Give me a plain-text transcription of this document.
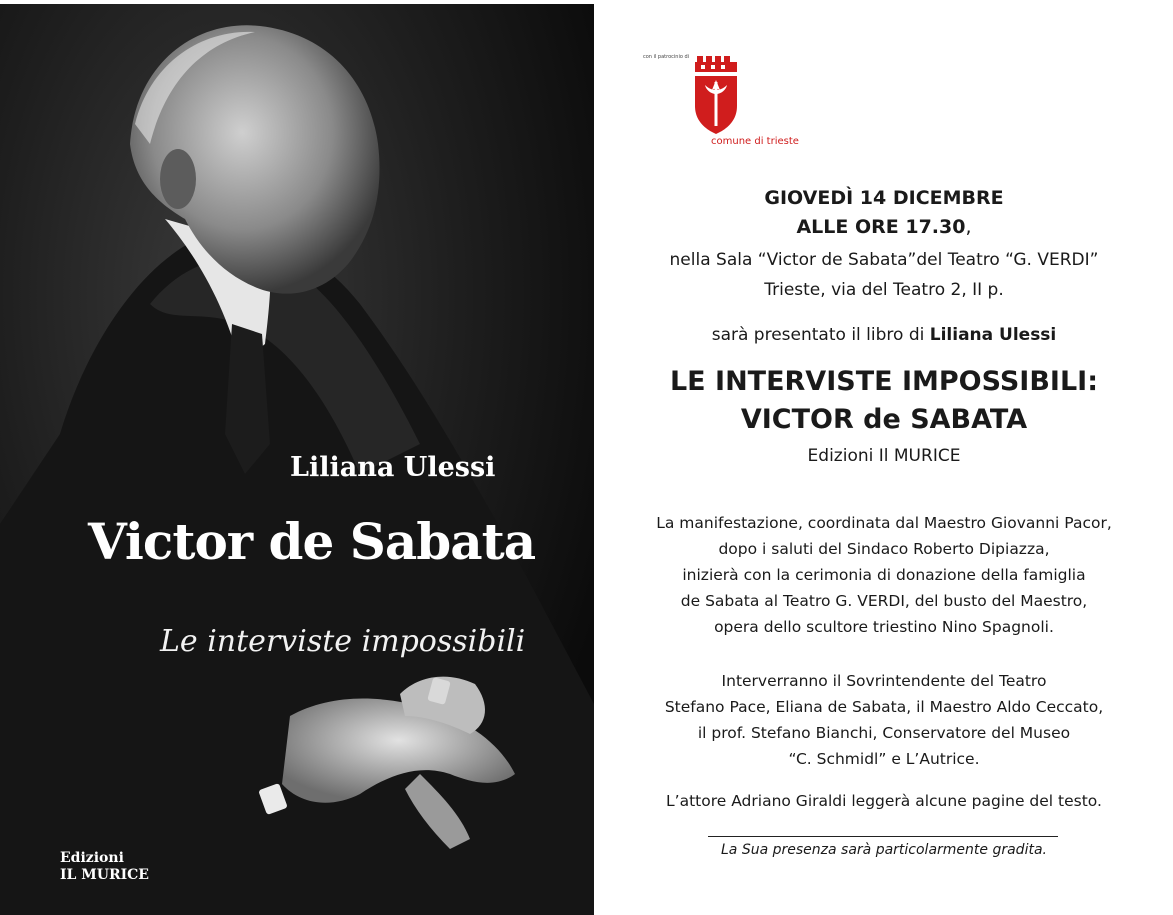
Liliana Ulessi
Victor de Sabata
Le interviste impossibili
Edizioni
IL MURICE
con il patrocinio di
comune di trieste
GIOVEDÌ 14 DICEMBRE
ALLE ORE 17.30,
nella Sala “Victor de Sabata”del Teatro “G. VERDI”
Trieste, via del Teatro 2, II p.
sarà presentato il libro di Liliana Ulessi
LE INTERVISTE IMPOSSIBILI:
VICTOR de SABATA
Edizioni Il MURICE
La manifestazione, coordinata dal Maestro Giovanni Pacor,
dopo i saluti del Sindaco Roberto Dipiazza,
inizierà con la cerimonia di donazione della famiglia
de Sabata al Teatro G. VERDI, del busto del Maestro,
opera dello scultore triestino Nino Spagnoli.
Interverranno il Sovrintendente del Teatro
Stefano Pace, Eliana de Sabata, il Maestro Aldo Ceccato,
il prof. Stefano Bianchi, Conservatore del Museo
“C. Schmidl” e L’Autrice.
L’attore Adriano Giraldi leggerà alcune pagine del testo.
La Sua presenza sarà particolarmente gradita.
